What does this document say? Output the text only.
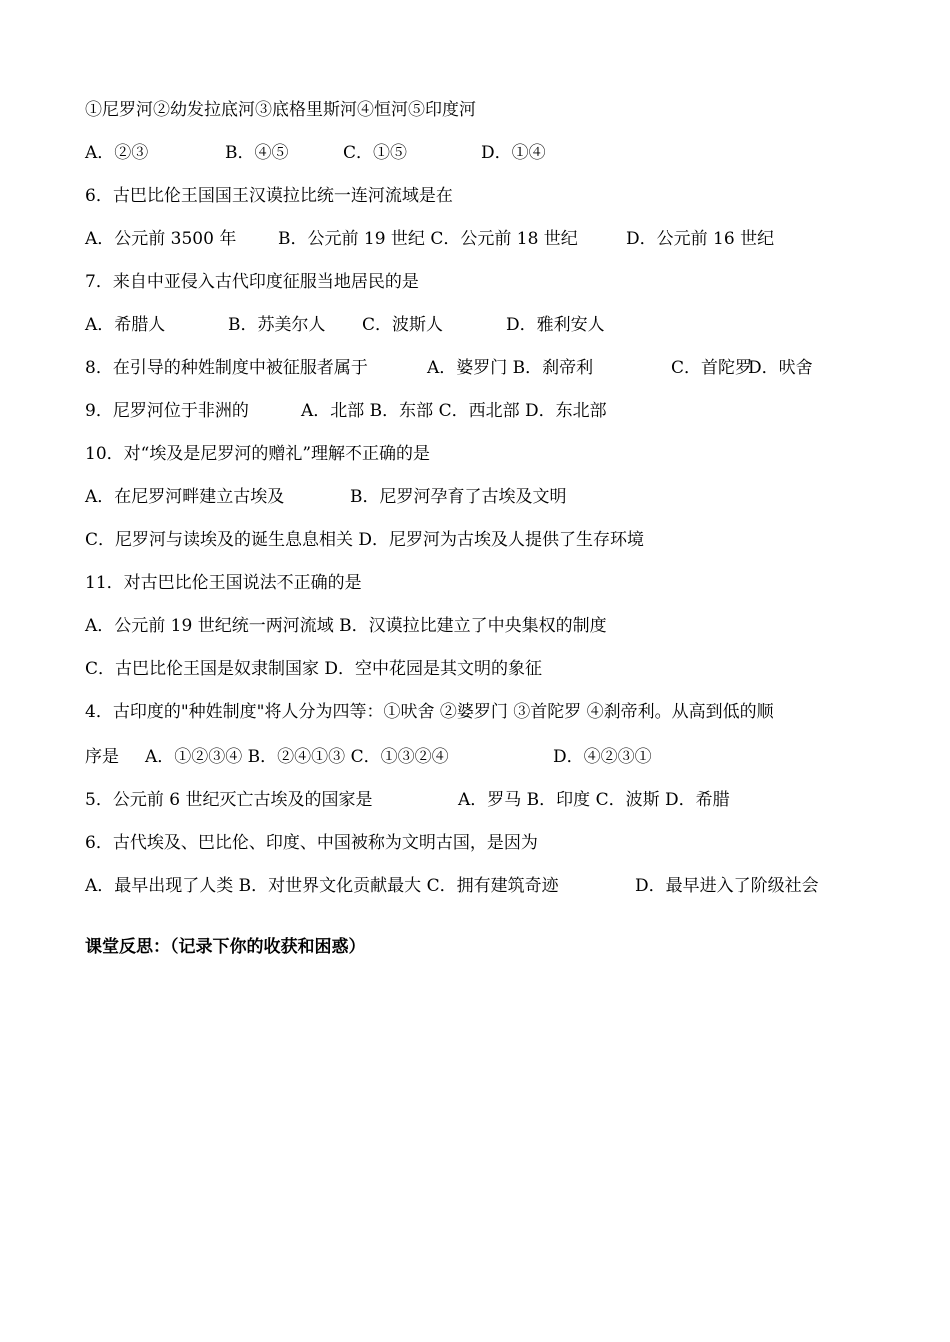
①尼罗河②幼发拉底河③底格里斯河④恒河⑤印度河
A．②③	B．④⑤	C．①⑤	D．①④
6．古巴比伦王国国王汉谟拉比统一连河流域是在
A．公元前 3500 年	B．公元前 19 世纪 C．公元前 18 世纪	D．公元前 16 世纪
7．来自中亚侵入古代印度征服当地居民的是
A．希腊人	B．苏美尔人	C．波斯人	D．雅利安人
8．在引导的种姓制度中被征服者属于	A．婆罗门 B．刹帝利	C．首陀罗
D．吠舍
9．尼罗河位于非洲的	A．北部 B．东部 C．西北部 D．东北部
10．对“埃及是尼罗河的赠礼”理解不正确的是
A．在尼罗河畔建立古埃及	B．尼罗河孕育了古埃及文明
C．尼罗河与读埃及的诞生息息相关 D．尼罗河为古埃及人提供了生存环境
11．对古巴比伦王国说法不正确的是
A．公元前 19 世纪统一两河流域 B．汉谟拉比建立了中央集权的制度
C．古巴比伦王国是奴隶制国家 D．空中花园是其文明的象征
4．古印度的"种姓制度"将人分为四等：①吠舍 ②婆罗门 ③首陀罗 ④刹帝利。从高到低的顺
序是	A．①②③④ B．②④①③ C．①③②④	D．④②③①
5．公元前 6 世纪灭亡古埃及的国家是	A．罗马 B．印度 C．波斯 D．希腊
6．古代埃及、巴比伦、印度、中国被称为文明古国，是因为
A．最早出现了人类 B．对世界文化贡献最大 C．拥有建筑奇迹	D．最早进入了阶级社会
课堂反思：（记录下你的收获和困惑）
